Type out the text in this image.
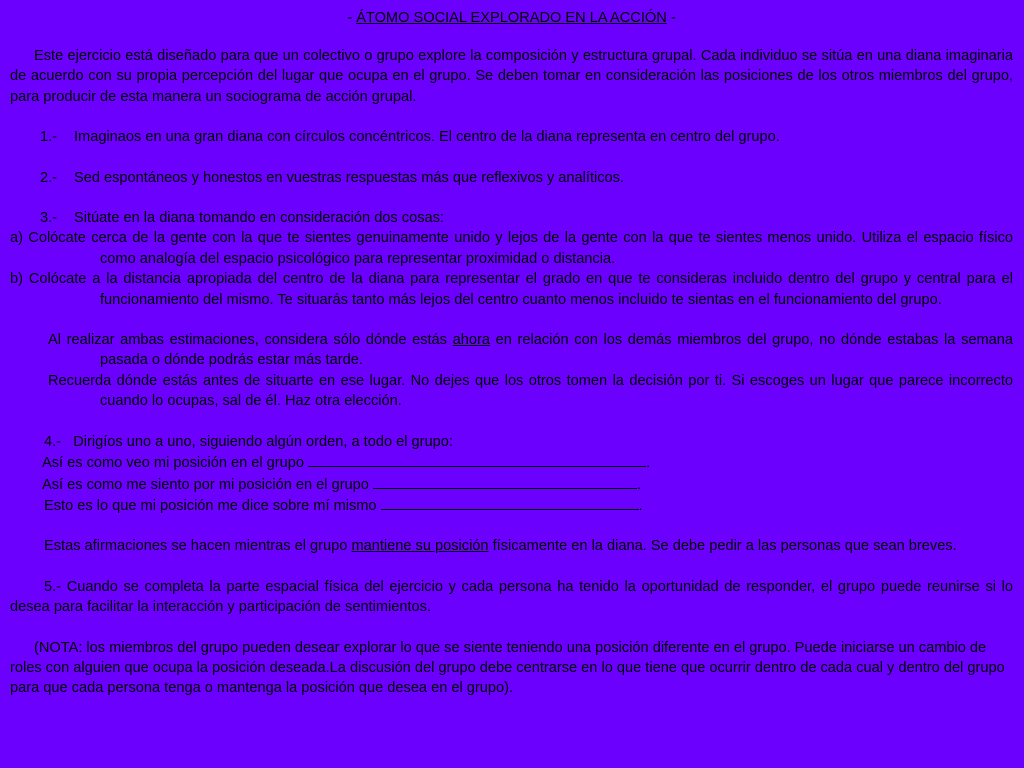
- ÁTOMO SOCIAL EXPLORADO EN LA ACCIÓN -

Este ejercicio está diseñado para que un colectivo o grupo explore la composición y estructura grupal. Cada individuo se sitúa en una diana imaginaria de acuerdo con su propia percepción del lugar que ocupa en el grupo. Se deben tomar en consideración las posiciones de los otros miembros del grupo, para producir de esta manera un sociograma de acción grupal.

1.- Imaginaos en una gran diana con círculos concéntricos. El centro de la diana representa en centro del grupo.

2.- Sed espontáneos y honestos en vuestras respuestas más que reflexivos y analíticos.

3.- Sitúate en la diana tomando en consideración dos cosas:

a) Colócate cerca de la gente con la que te sientes genuinamente unido y lejos de la gente con la que te sientes menos unido. Utiliza el espacio físico como analogía del espacio psicológico para representar proximidad o distancia.

b) Colócate a la distancia apropiada del centro de la diana para representar el grado en que te consideras incluido dentro del grupo y central para el funcionamiento del mismo. Te situarás tanto más lejos del centro cuanto menos incluido te sientas en el funcionamiento del grupo.

Al realizar ambas estimaciones, considera sólo dónde estás ahora en relación con los demás miembros del grupo, no dónde estabas la semana pasada o dónde podrás estar más tarde.

Recuerda dónde estás antes de situarte en ese lugar. No dejes que los otros tomen la decisión por ti. Si escoges un lugar que parece incorrecto cuando lo ocupas, sal de él. Haz otra elección.

4.- Dirigíos uno a uno, siguiendo algún orden, a todo el grupo:

Así es como veo mi posición en el grupo	.

Así es como me siento por mi posición en el grupo	.

Esto es lo que mi posición me dice sobre mí mismo	.

Estas afirmaciones se hacen mientras el grupo mantiene su posición físicamente en la diana. Se debe pedir a las personas que sean breves.

5.- Cuando se completa la parte espacial física del ejercicio y cada persona ha tenido la oportunidad de responder, el grupo puede reunirse si lo desea para facilitar la interacción y participación de sentimientos.

(NOTA: los miembros del grupo pueden desear explorar lo que se siente teniendo una posición diferente en el grupo. Puede iniciarse un cambio de roles con alguien que ocupa la posición deseada.La discusión del grupo debe centrarse en lo que tiene que ocurrir dentro de cada cual y dentro del grupo para que cada persona tenga o mantenga la posición que desea en el grupo).
